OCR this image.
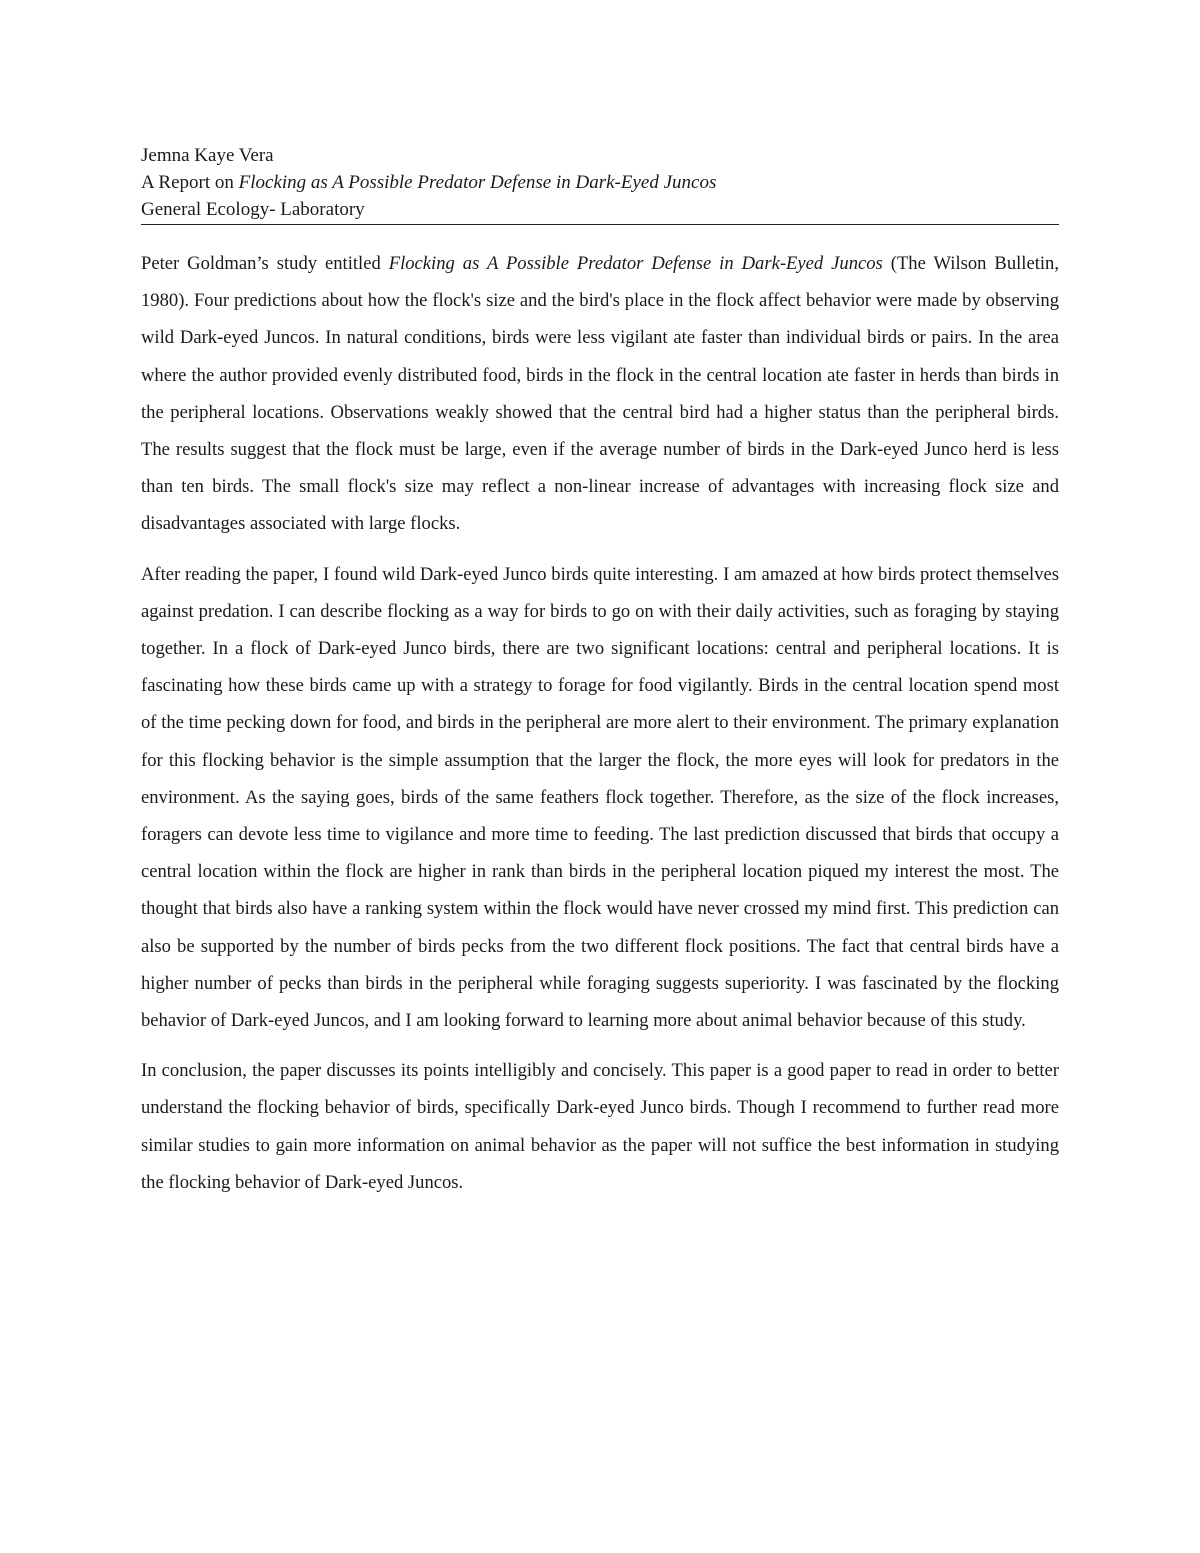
Jemna Kaye Vera
A Report on Flocking as A Possible Predator Defense in Dark-Eyed Juncos
General Ecology- Laboratory

Peter Goldman’s study entitled Flocking as A Possible Predator Defense in Dark-Eyed Juncos (The Wilson Bulletin, 1980). Four predictions about how the flock's size and the bird's place in the flock affect behavior were made by observing wild Dark-eyed Juncos. In natural conditions, birds were less vigilant ate faster than individual birds or pairs. In the area where the author provided evenly distributed food, birds in the flock in the central location ate faster in herds than birds in the peripheral locations. Observations weakly showed that the central bird had a higher status than the peripheral birds. The results suggest that the flock must be large, even if the average number of birds in the Dark-eyed Junco herd is less than ten birds. The small flock's size may reflect a non-linear increase of advantages with increasing flock size and disadvantages associated with large flocks.

After reading the paper, I found wild Dark-eyed Junco birds quite interesting. I am amazed at how birds protect themselves against predation. I can describe flocking as a way for birds to go on with their daily activities, such as foraging by staying together. In a flock of Dark-eyed Junco birds, there are two significant locations: central and peripheral locations. It is fascinating how these birds came up with a strategy to forage for food vigilantly. Birds in the central location spend most of the time pecking down for food, and birds in the peripheral are more alert to their environment. The primary explanation for this flocking behavior is the simple assumption that the larger the flock, the more eyes will look for predators in the environment. As the saying goes, birds of the same feathers flock together. Therefore, as the size of the flock increases, foragers can devote less time to vigilance and more time to feeding. The last prediction discussed that birds that occupy a central location within the flock are higher in rank than birds in the peripheral location piqued my interest the most. The thought that birds also have a ranking system within the flock would have never crossed my mind first. This prediction can also be supported by the number of birds pecks from the two different flock positions. The fact that central birds have a higher number of pecks than birds in the peripheral while foraging suggests superiority. I was fascinated by the flocking behavior of Dark-eyed Juncos, and I am looking forward to learning more about animal behavior because of this study.

In conclusion, the paper discusses its points intelligibly and concisely. This paper is a good paper to read in order to better understand the flocking behavior of birds, specifically Dark-eyed Junco birds. Though I recommend to further read more similar studies to gain more information on animal behavior as the paper will not suffice the best information in studying the flocking behavior of Dark-eyed Juncos.
